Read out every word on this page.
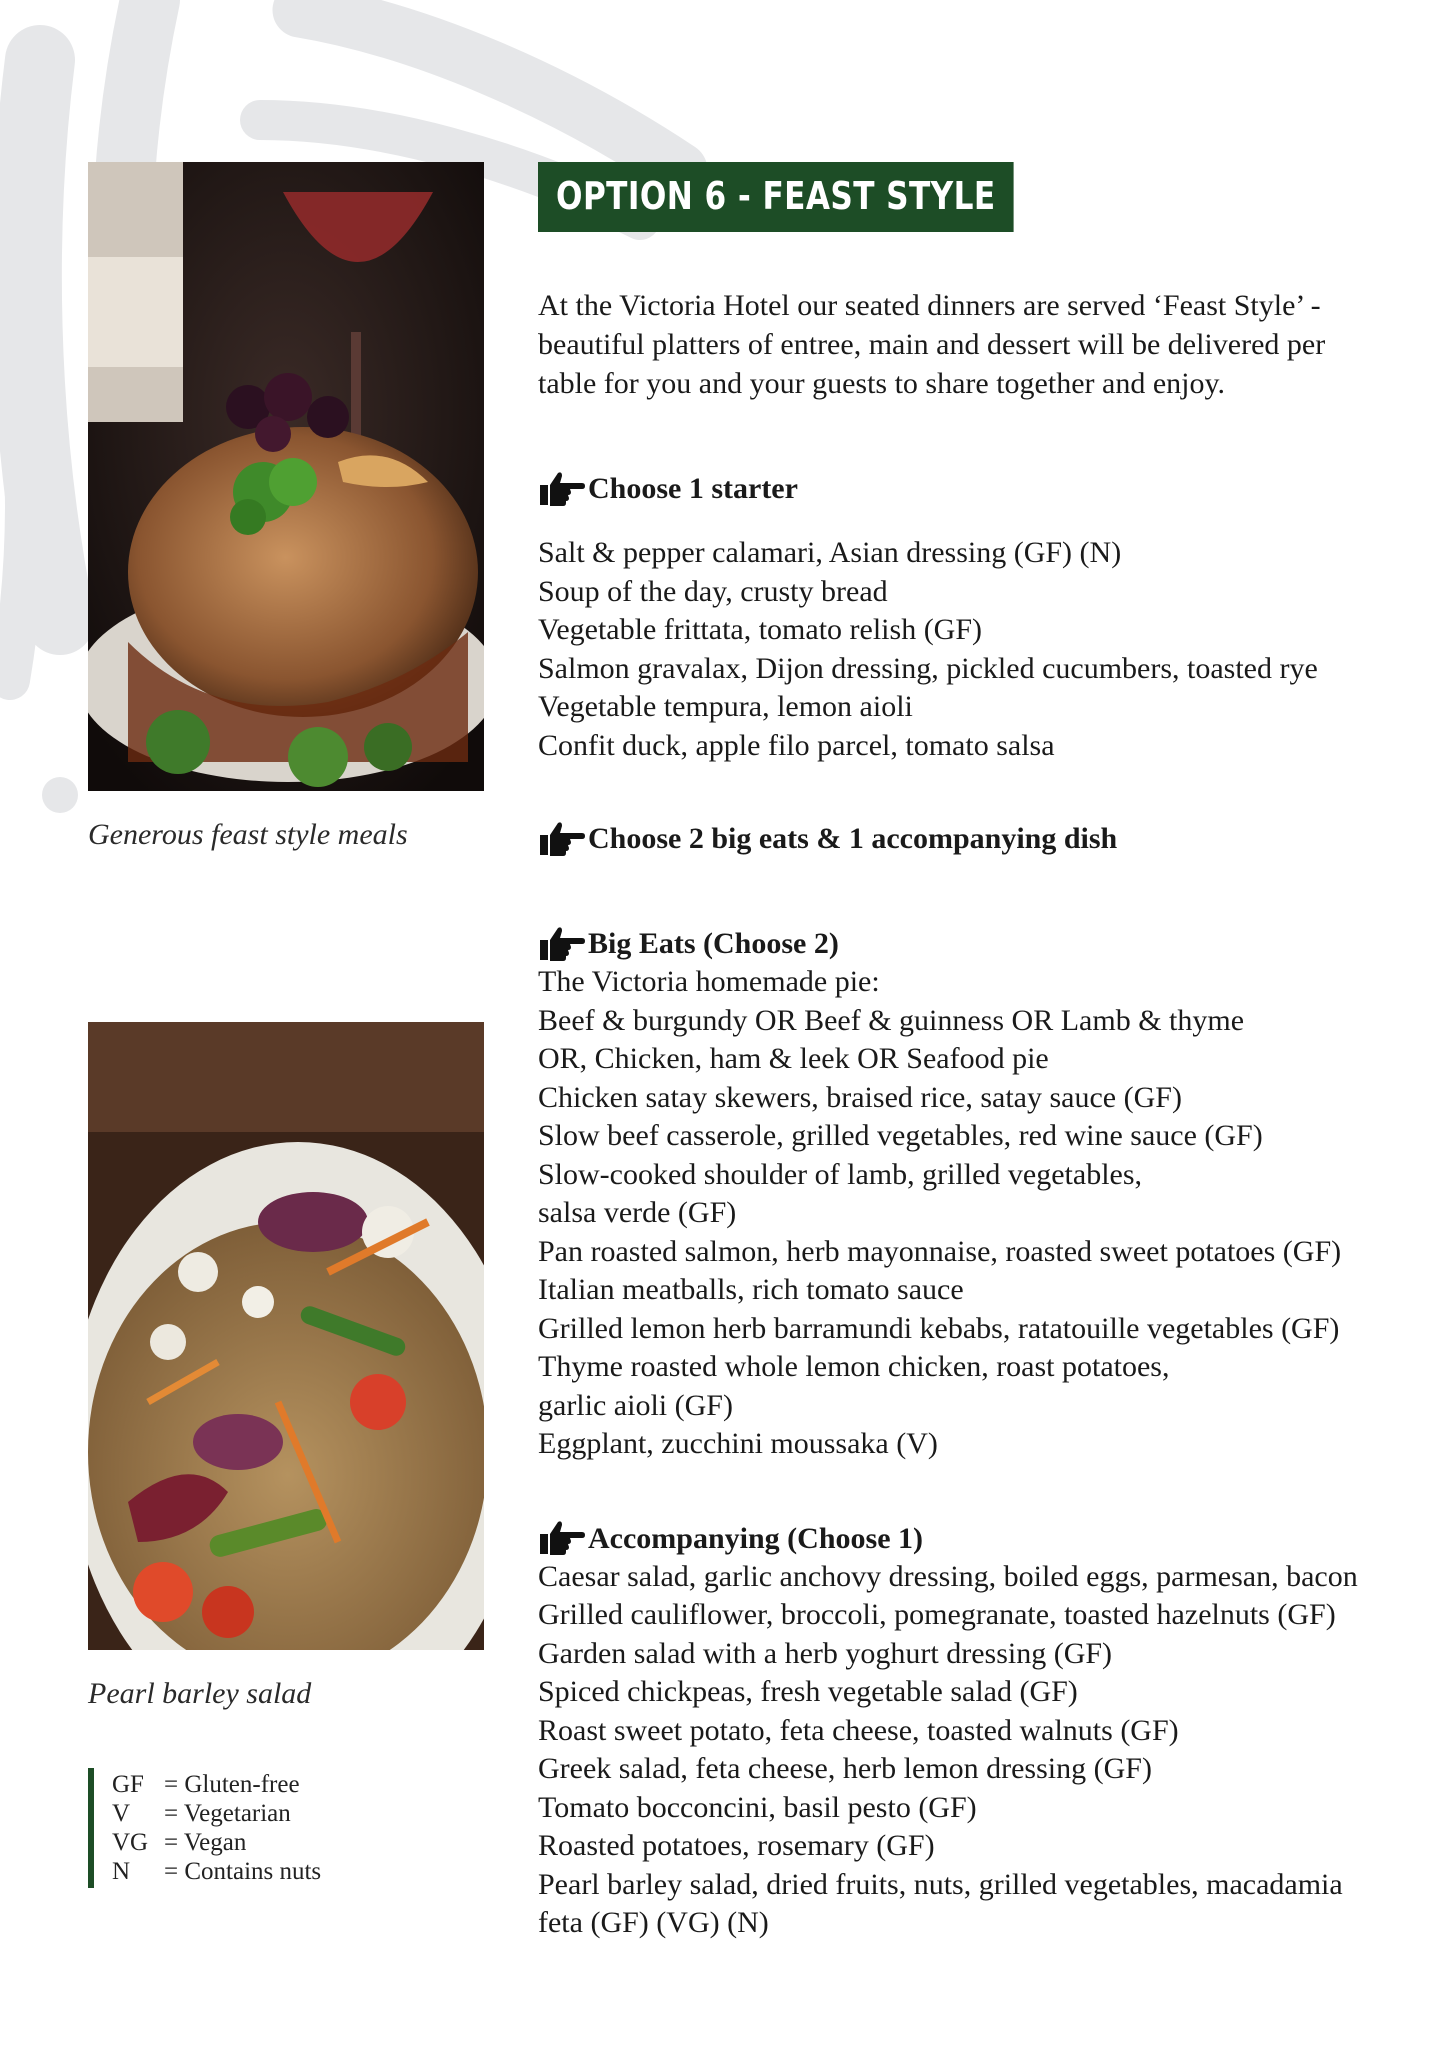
Generous feast style meals
Pearl barley salad
GF = Gluten-free
V	= Vegetarian
VG = Vegan
N	= Contains nuts
OPTION 6 - FEAST STYLE
At the Victoria Hotel our seated dinners are served ‘Feast Style’ -
beautiful platters of entree, main and dessert will be delivered per
table for you and your guests to share together and enjoy.
Choose 1 starter
Salt & pepper calamari, Asian dressing (GF) (N)
Soup of the day, crusty bread
Vegetable frittata, tomato relish (GF)
Salmon gravalax, Dijon dressing, pickled cucumbers, toasted rye
Vegetable tempura, lemon aioli
Confit duck, apple filo parcel, tomato salsa
Choose 2 big eats & 1 accompanying dish
Big Eats (Choose 2)
The Victoria homemade pie:
Beef & burgundy OR Beef & guinness OR Lamb & thyme
OR, Chicken, ham & leek OR Seafood pie
Chicken satay skewers, braised rice, satay sauce (GF)
Slow beef casserole, grilled vegetables, red wine sauce (GF)
Slow-cooked shoulder of lamb, grilled vegetables,
salsa verde (GF)
Pan roasted salmon, herb mayonnaise, roasted sweet potatoes (GF)
Italian meatballs, rich tomato sauce
Grilled lemon herb barramundi kebabs, ratatouille vegetables (GF)
Thyme roasted whole lemon chicken, roast potatoes,
garlic aioli (GF)
Eggplant, zucchini moussaka (V)
Accompanying (Choose 1)
Caesar salad, garlic anchovy dressing, boiled eggs, parmesan, bacon
Grilled cauliflower, broccoli, pomegranate, toasted hazelnuts (GF)
Garden salad with a herb yoghurt dressing (GF)
Spiced chickpeas, fresh vegetable salad (GF)
Roast sweet potato, feta cheese, toasted walnuts (GF)
Greek salad, feta cheese, herb lemon dressing (GF)
Tomato bocconcini, basil pesto (GF)
Roasted potatoes, rosemary (GF)
Pearl barley salad, dried fruits, nuts, grilled vegetables, macadamia
feta (GF) (VG) (N)
